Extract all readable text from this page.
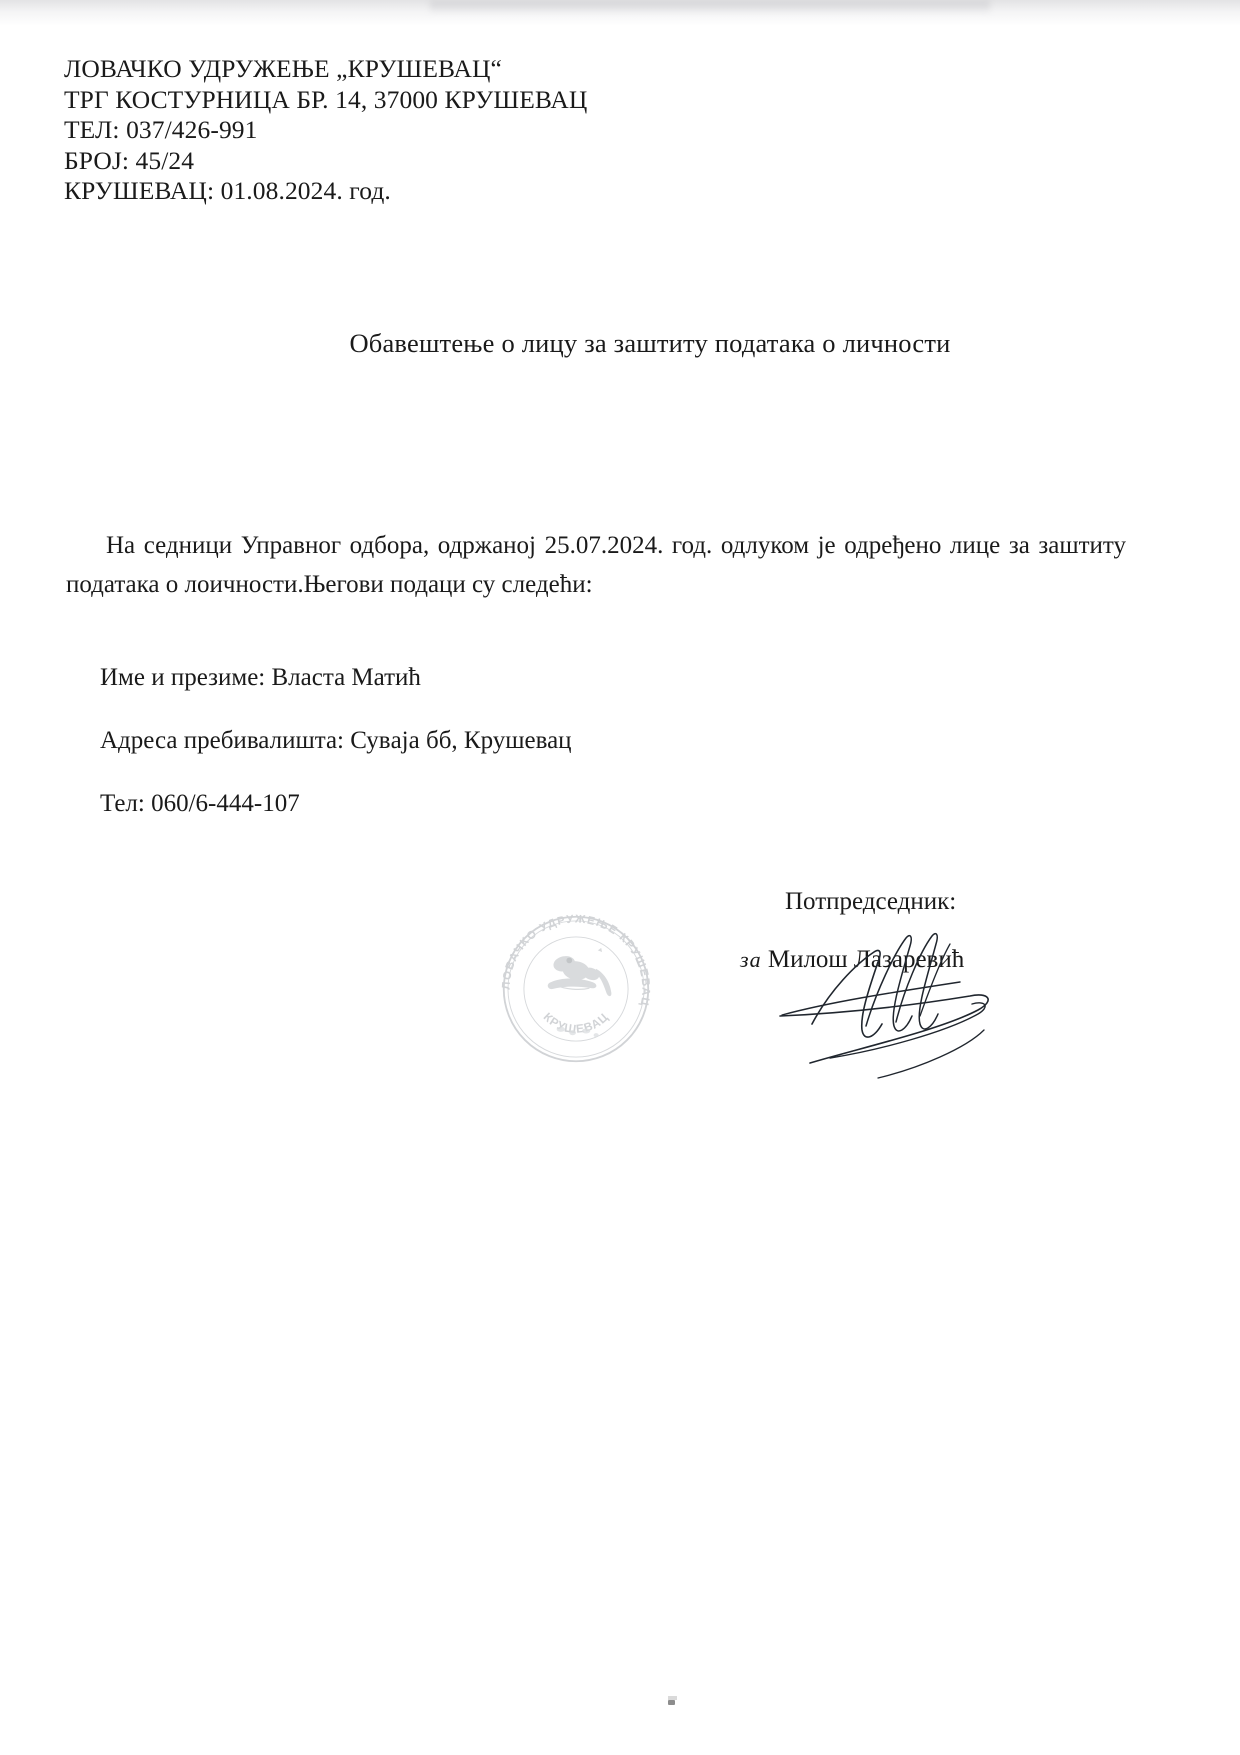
ЛОВАЧКО УДРУЖЕЊЕ „КРУШЕВАЦ“
ТРГ КОСТУРНИЦА БР. 14, 37000 КРУШЕВАЦ
ТЕЛ: 037/426-991
БРОЈ: 45/24
КРУШЕВАЦ: 01.08.2024. год.
Обавештење о лицу за заштиту података о личности

На седници Управног одбора, одржаној 25.07.2024. год. одлуком је одређено лице за заштиту података о лоичности.Његови подаци су следећи:

Име и презиме: Власта Матић
Адреса пребивалишта: Сувaja бб, Крушевац
Тел: 060/6-444-107
Потпредседник:
за Милош Лазаревић
ЛОВАЧКО УДРУЖЕЊЕ КРУШЕВАЦ
КРУШЕВАЦ
